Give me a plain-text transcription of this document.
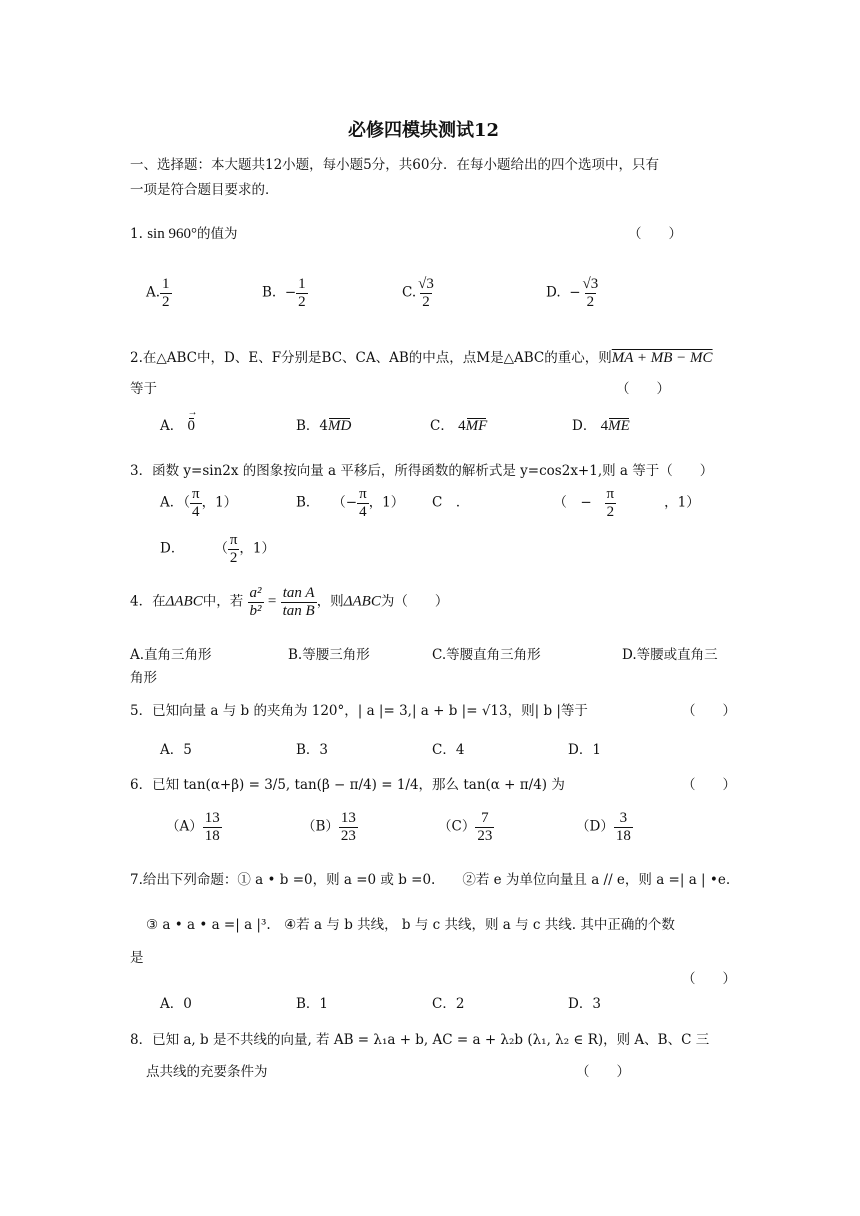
必修四模块测试12
一、选择题：本大题共12小题，每小题5分，共60分．在每小题给出的四个选项中，只有
一项是符合题目要求的．
1. sin 960°的值为	（　　）
A. $\frac{1}{2}$	B. − $\frac{1}{2}$	C. $\frac{√3}{2}$	D. − $\frac{√3}{2}$
2.在△ABC中，D、E、F分别是BC、CA、AB的中点，点M是△ABC的重心，则MA + MB − MC
等于	（　　）
A． 0 →	B．4MD	C． 4MF	D． 4ME
3．函数 y=sin2x 的图象按向量 a 平移后，所得函数的解析式是 y=cos2x+1,则 a 等于（　　）
A．（ $\frac{\pi}{4}$ ，1）	B． （− $\frac{\pi}{4}$ ，1） C　．	（　− $\frac{\pi}{2}$	，1）
D． （ $\frac{\pi}{2}$ ，1）
4．在ΔABC中，若 $\frac{\text{a²}}{\text{b²}} = \frac{\text{tan A}}{\text{tan B}}$ ，则ΔABC为（　　）
A.直角三角形	B.等腰三角形	C.等腰直角三角形	D.等腰或直角三
角形
5．已知向量 a 与 b 的夹角为 120°，| a |= 3,| a + b |= √13，则| b |等于	（　　）
A．5	B．3	C．4	D．1
6．已知 tan(α+β) = 3/5, tan(β − π/4) = 1/4，那么 tan(α + π/4) 为	（　　）
$(A) \frac{13}{18}$	$(B) \frac{13}{23}$	$(C) \frac{7}{23}$	$(D) \frac{3}{18}$
7.给出下列命题：① a • b =0，则 a =0 或 b =0.　　②若 e 为单位向量且 a // e，则 a =| a | •e.
③ a • a • a =| a |³.　④若 a 与 b 共线， b 与 c 共线，则 a 与 c 共线. 其中正确的个数
是
（　　）
A．0	B．1	C．2	D．3
8．已知 a, b 是不共线的向量, 若 AB = λ₁a + b, AC = a + λ₂b (λ₁, λ₂ ∈ R)，则 A、B、C 三
点共线的充要条件为	（　　）
